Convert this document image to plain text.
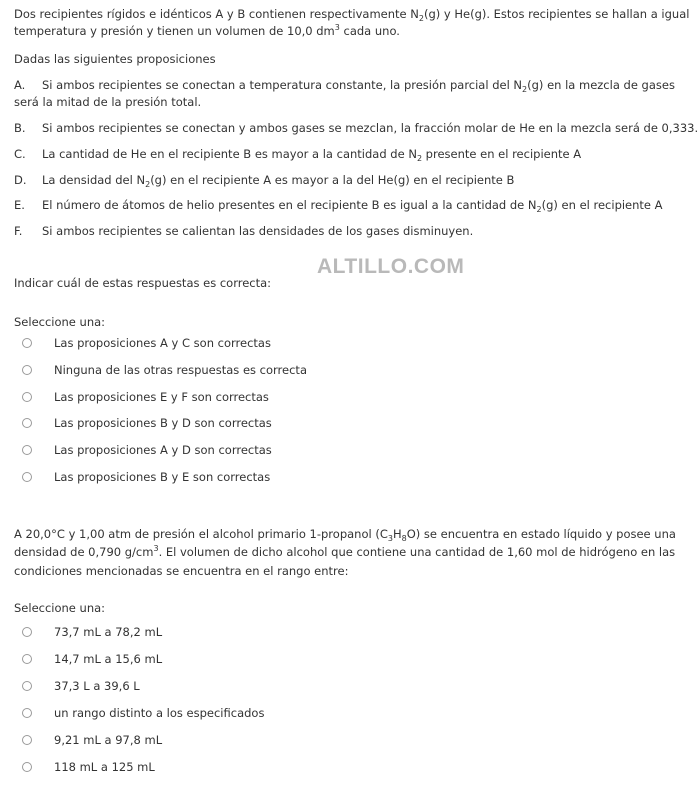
Dos recipientes rígidos e idénticos A y B contienen respectivamente $N_2(g)$ y He(g). Estos recipientes se hallan a igual
temperatura y presión y tienen un volumen de 10,0 $dm^3$ cada uno.
Dadas las siguientes proposiciones
A. Si ambos recipientes se conectan a temperatura constante, la presión parcial del $N_2(g)$ en la mezcla de gases
será la mitad de la presión total.
B. Si ambos recipientes se conectan y ambos gases se mezclan, la fracción molar de He en la mezcla será de 0,333.
C. La cantidad de He en el recipiente B es mayor a la cantidad de $N_2$ presente en el recipiente A
D. La densidad del $N_2(g)$ en el recipiente A es mayor a la del He(g) en el recipiente B
E. El número de átomos de helio presentes en el recipiente B es igual a la cantidad de $N_2(g)$ en el recipiente A
F. Si ambos recipientes se calientan las densidades de los gases disminuyen.
Indicar cuál de estas respuestas es correcta:
ALTILLO.COM
Seleccione una:
Las proposiciones A y C son correctas
Ninguna de las otras respuestas es correcta
Las proposiciones E y F son correctas
Las proposiciones B y D son correctas
Las proposiciones A y D son correctas
Las proposiciones B y E son correctas
A 20,0°C y 1,00 atm de presión el alcohol primario 1-propanol $(C_3H_8O)$ se encuentra en estado líquido y posee una
densidad de 0,790 $g/cm^3$. El volumen de dicho alcohol que contiene una cantidad de 1,60 mol de hidrógeno en las
condiciones mencionadas se encuentra en el rango entre:
Seleccione una:
73,7 mL a 78,2 mL
14,7 mL a 15,6 mL
37,3 L a 39,6 L
un rango distinto a los especificados
9,21 mL a 97,8 mL
118 mL a 125 mL
